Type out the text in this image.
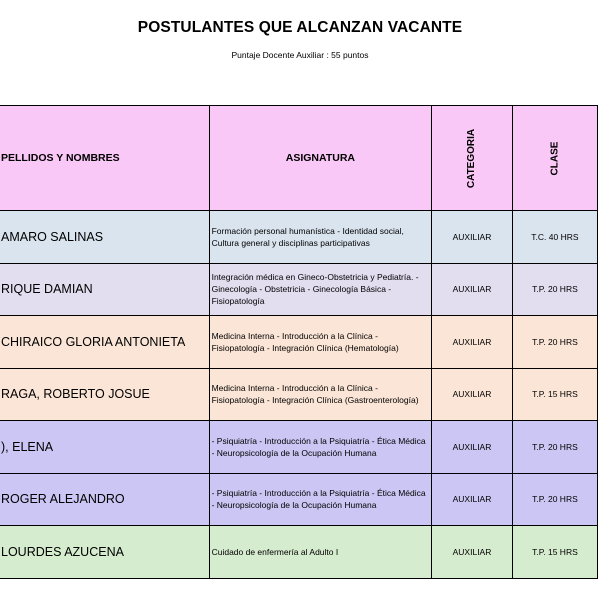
POSTULANTES QUE ALCANZAN VACANTE
Puntaje Docente Auxiliar : 55 puntos
PELLIDOS Y NOMBRES	ASIGNATURA	CATEGORIA	CLASE
AMARO SALINAS	Formación personal humanística - Identidad social, Cultura general y disciplinas participativas	AUXILIAR	T.C. 40 HRS
RIQUE DAMIAN	Integración médica en Gineco-Obstetricia y Pediatría. - Ginecología - Obstetricia - Ginecología Básica - Fisiopatología	AUXILIAR	T.P. 20 HRS
CHIRAICO GLORIA ANTONIETA	Medicina Interna - Introducción a la Clínica - Fisiopatología - Integración Clínica (Hematología)	AUXILIAR	T.P. 20 HRS
RAGA, ROBERTO JOSUE	Medicina Interna - Introducción a la Clínica - Fisiopatología - Integración Clínica (Gastroenterología)	AUXILIAR	T.P. 15 HRS
), ELENA	- Psiquiatría - Introducción a la Psiquiatría - Ética Médica - Neuropsicología de la Ocupación Humana	AUXILIAR	T.P. 20 HRS
ROGER ALEJANDRO	- Psiquiatría - Introducción a la Psiquiatría - Ética Médica - Neuropsicología de la Ocupación Humana	AUXILIAR	T.P. 20 HRS
LOURDES AZUCENA	Cuidado de enfermería al Adulto I	AUXILIAR	T.P. 15 HRS
